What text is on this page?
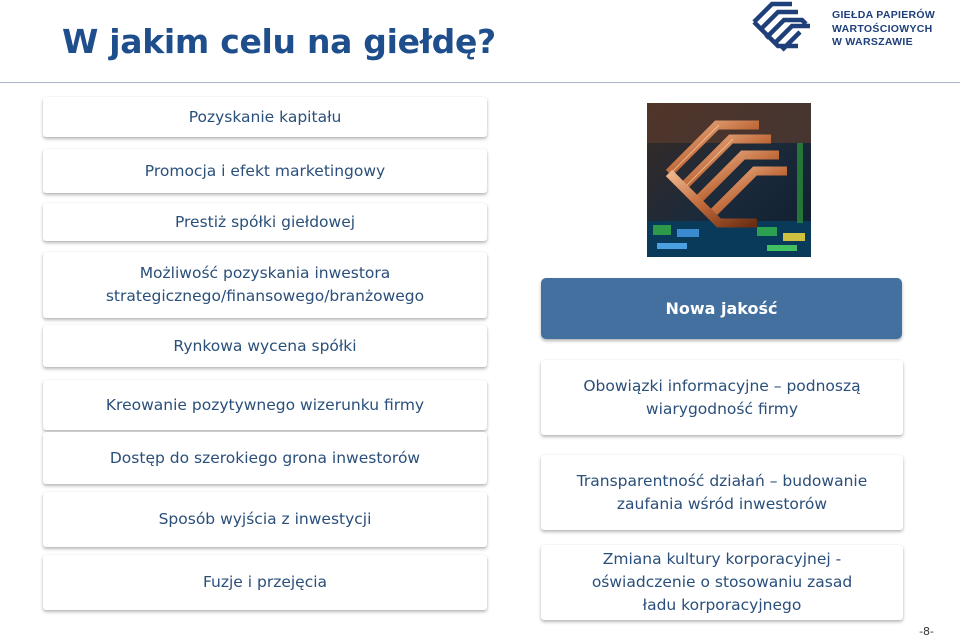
W jakim celu na giełdę?
GIEŁDA PAPIERÓW
WARTOŚCIOWYCH
W WARSZAWIE
Pozyskanie kapitału
Promocja i efekt marketingowy
Prestiż spółki giełdowej
Możliwość pozyskania inwestora
strategicznego/finansowego/branżowego
Rynkowa wycena spółki
Kreowanie pozytywnego wizerunku firmy
Dostęp do szerokiego grona inwestorów
Sposób wyjścia z inwestycji
Fuzje i przejęcia
Nowa jakość
Obowiązki informacyjne – podnoszą
wiarygodność firmy
Transparentność działań – budowanie
zaufania wśród inwestorów
Zmiana kultury korporacyjnej -
oświadczenie o stosowaniu zasad
ładu korporacyjnego
-8-
